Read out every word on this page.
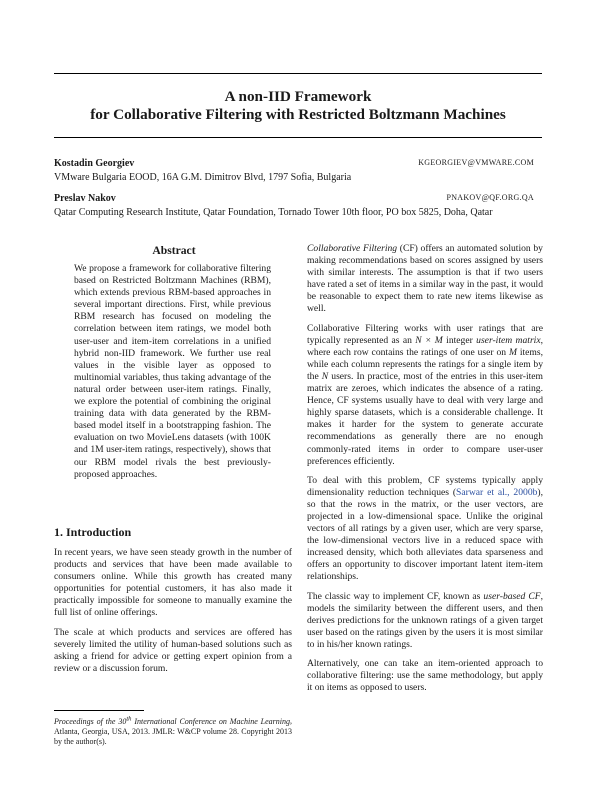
A non-IID Framework
for Collaborative Filtering with Restricted Boltzmann Machines
Kostadin Georgiev	KGEORGIEV@VMWARE.COM
VMware Bulgaria EOOD, 16A G.M. Dimitrov Blvd, 1797 Sofia, Bulgaria
Preslav Nakov	PNAKOV@QF.ORG.QA
Qatar Computing Research Institute, Qatar Foundation, Tornado Tower 10th floor, PO box 5825, Doha, Qatar
Abstract
We propose a framework for collaborative filtering based on Restricted Boltzmann Machines (RBM), which extends previous RBM-based approaches in several important directions. First, while previous RBM research has focused on modeling the correlation between item ratings, we model both user-user and item-item correlations in a unified hybrid non-IID framework. We further use real values in the visible layer as opposed to multinomial variables, thus taking advantage of the natural order between user-item ratings. Finally, we explore the potential of combining the original training data with data generated by the RBM-based model itself in a bootstrapping fashion. The evaluation on two MovieLens datasets (with 100K and 1M user-item ratings, respectively), shows that our RBM model rivals the best previously-proposed approaches.
1. Introduction

In recent years, we have seen steady growth in the number of products and services that have been made available to consumers online. While this growth has created many opportunities for potential customers, it has also made it practically impossible for someone to manually examine the full list of online offerings.

The scale at which products and services are offered has severely limited the utility of human-based solutions such as asking a friend for advice or getting expert opinion from a review or a discussion forum.

Proceedings of the 30th International Conference on Machine Learning, Atlanta, Georgia, USA, 2013. JMLR: W&CP volume 28. Copyright 2013 by the author(s).

Collaborative Filtering (CF) offers an automated solution by making recommendations based on scores assigned by users with similar interests. The assumption is that if two users have rated a set of items in a similar way in the past, it would be reasonable to expect them to rate new items likewise as well.

Collaborative Filtering works with user ratings that are typically represented as an N × M integer user-item matrix, where each row contains the ratings of one user on M items, while each column represents the ratings for a single item by the N users. In practice, most of the entries in this user-item matrix are zeroes, which indicates the absence of a rating. Hence, CF systems usually have to deal with very large and highly sparse datasets, which is a considerable challenge. It makes it harder for the system to generate accurate recommendations as generally there are no enough commonly-rated items in order to compare user-user preferences efficiently.

To deal with this problem, CF systems typically apply dimensionality reduction techniques (Sarwar et al., 2000b), so that the rows in the matrix, or the user vectors, are projected in a low-dimensional space. Unlike the original vectors of all ratings by a given user, which are very sparse, the low-dimensional vectors live in a reduced space with increased density, which both alleviates data sparseness and offers an opportunity to discover important latent item-item relationships.

The classic way to implement CF, known as user-based CF, models the similarity between the different users, and then derives predictions for the unknown ratings of a given target user based on the ratings given by the users it is most similar to in his/her known ratings.

Alternatively, one can take an item-oriented approach to collaborative filtering: use the same methodology, but apply it on items as opposed to users.
